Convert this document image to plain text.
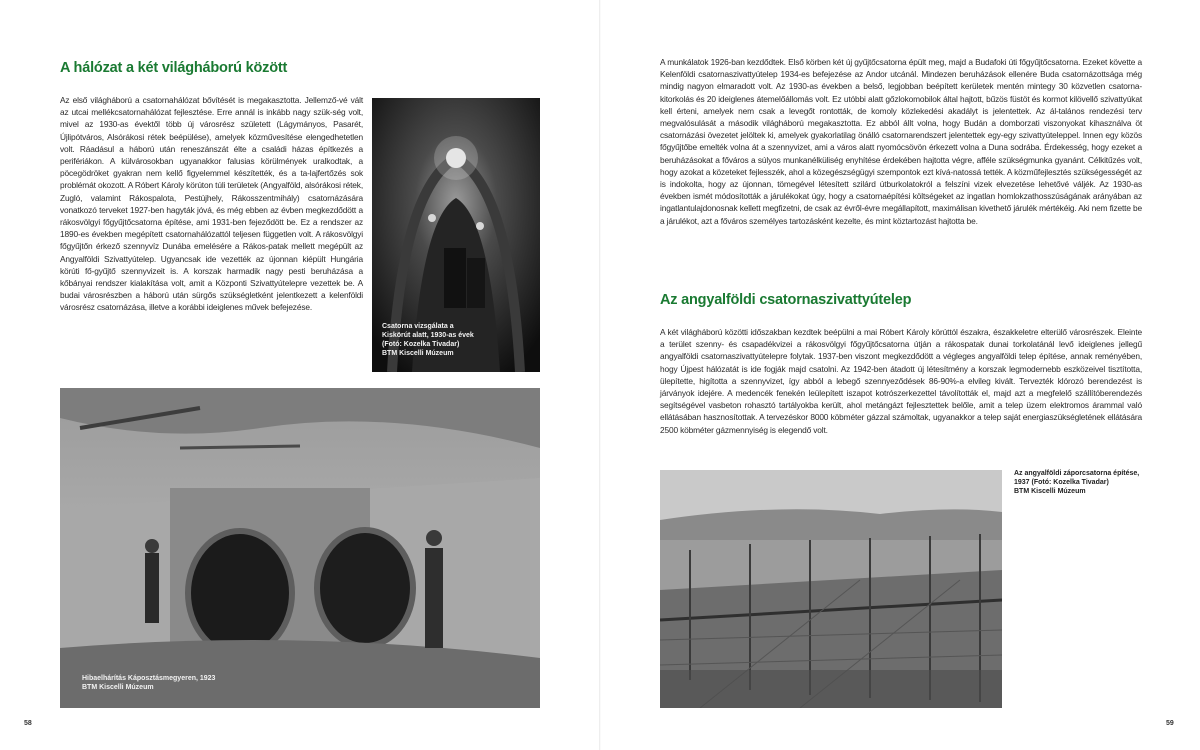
A hálózat a két világháború között

Az első világháború a csatornahálózat bővítését is megakasztotta. Jellemző-vé vált az utcai mellékcsatornahálózat fejlesztése. Erre annál is inkább nagy szük-ség volt, mivel az 1930-as évektől több új városrész született (Lágymányos, Pasarét, Újlipótváros, Alsórákosi rétek beépülése), amelyek közművesítése elengedhetetlen volt. Ráadásul a háború után reneszánszát élte a családi házas építkezés a perifériákon. A külvárosokban ugyanakkor falusias körülmények uralkodtak, a pöcegödröket gyakran nem kellő figyelemmel készítették, és a ta-lajfertőzés sok problémát okozott. A Róbert Károly körúton túli területek (Angyalföld, alsórákosi rétek, Zugló, valamint Rákospalota, Pestújhely, Rákosszentmihály) csatornázására vonatkozó terveket 1927-ben hagyták jóvá, és még ebben az évben megkezdődött a rákosvölgyi főgyűjtőcsatorna építése, ami 1931-ben fejeződött be. Ez a rendszer az 1890-es években megépített csatornahálózattól teljesen független volt. A rákosvölgyi főgyűjtőn érkező szennyvíz Dunába emelésére a Rákos-patak mellett megépült az Angyalföldi Szivattyútelep. Ugyancsak ide vezették az újonnan kiépült Hungária körúti fő-gyűjtő szennyvizeit is. A korszak harmadik nagy pesti beruházása a kőbányai rendszer kialakítása volt, amit a Központi Szivattyútelepre vezettek be. A budai városrészben a háború után sürgős szükségletként jelentkezett a kelenföldi városrész csatornázása, illetve a korábbi ideiglenes művek befejezése.

Csatorna vizsgálata a
Kiskörút alatt, 1930-as évek
(Fotó: Kozelka Tivadar)
BTM Kiscelli Múzeum
Hibaelhárítás Káposztásmegyeren, 1923
BTM Kiscelli Múzeum
58

A munkálatok 1926-ban kezdődtek. Első körben két új gyűjtőcsatorna épült meg, majd a Budafoki úti főgyűjtőcsatorna. Ezeket követte a Kelenföldi csatornaszivattyútelep 1934-es befejezése az Andor utcánál. Mindezen beruházások ellenére Buda csatornázottsága még mindig nagyon elmaradott volt. Az 1930-as években a belső, legjobban beépített kerületek mentén mintegy 30 közvetlen csatorna-kitorkolás és 20 ideiglenes átemelőállomás volt. Ez utóbbi alatt gőzlokomobilok által hajtott, bűzös füstöt és kormot kilövellő szivattyúkat kell érteni, amelyek nem csak a levegőt rontották, de komoly közlekedési akadályt is jelentettek. Az ál-talános rendezési terv megvalósulását a második világháború megakasztotta. Ez abból állt volna, hogy Budán a domborzati viszonyokat kihasználva öt csatornázási övezetet jelöltek ki, amelyek gyakorlatilag önálló csatornarendszert jelentettek egy-egy szivattyúteleppel. Innen egy közös főgyűjtőbe emelték volna át a szennyvizet, ami a város alatt nyomócsövön érkezett volna a Duna sodrába. Érdekesség, hogy ezeket a beruházásokat a főváros a súlyos munkanélküliség enyhítése érdekében hajtotta végre, afféle szükségmunka gyanánt. Célkitűzés volt, hogy azokat a közeteket fejlesszék, ahol a közegészségügyi szempontok ezt kívá-natossá tették. A közműfejlesztés szükségességét az is indokolta, hogy az újonnan, tömegével létesített szilárd útburkolatokról a felszíni vizek elvezetése lehetővé váljék. Az 1930-as években ismét módosították a járulékokat úgy, hogy a csatornaépítési költségeket az ingatlan homlokzathosszúságának arányában az ingatlantulajdonosnak kellett megfizetni, de csak az évről-évre megállapított, maximálisan kivethető járulék mértékéig. Aki nem fizette be a járulékot, azt a főváros személyes tartozásként kezelte, és mint köztartozást hajtotta be.

Az angyalföldi csatornaszivattyútelep

A két világháború közötti időszakban kezdtek beépülni a mai Róbert Károly körúttól északra, északkeletre elterülő városrészek. Eleinte a terület szenny- és csapadékvizei a rákosvölgyi főgyűjtőcsatorna útján a rákospatak dunai torkolatánál levő ideiglenes jellegű angyalföldi csatornaszivattyútelepre folytak. 1937-ben viszont megkezdődött a végleges angyalföldi telep építése, annak reményében, hogy Újpest hálózatát is ide fogják majd csatolni. Az 1942-ben átadott új létesítmény a korszak legmodernebb eszközeivel tisztította, ülepítette, higította a szennyvizet, így abból a lebegő szennyeződések 86-90%-a elvileg kivált. Tervezték klórozó berendezést is járványok idejére. A medencék fenekén leülepített iszapot kotrószerkezettel távolították el, majd azt a megfelelő szállítóberendezés segítségével vasbeton rohasztó tartályokba került, ahol metángázt fejlesztettek belőle, amit a telep üzem elektromos árammal való ellátásában hasznosítottak. A tervezéskor 8000 köbméter gázzal számoltak, ugyanakkor a telep saját energiaszükségletének ellátására 2500 köbméter gázmennyiség is elegendő volt.

Az angyalföldi záporcsatorna építése,
1937 (Fotó: Kozelka Tivadar)
BTM Kiscelli Múzeum
59
